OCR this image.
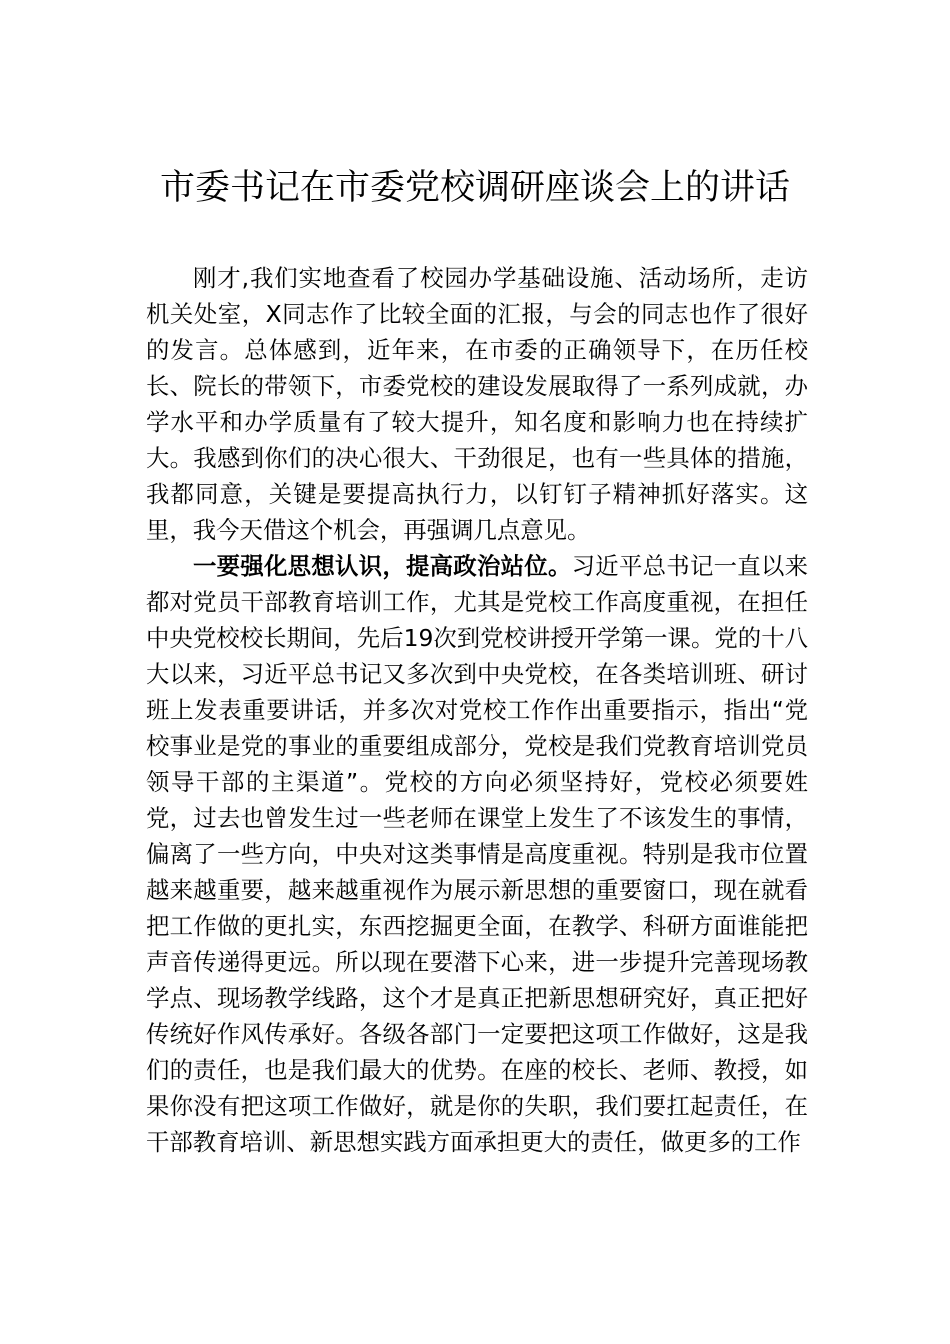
市委书记在市委党校调研座谈会上的讲话

刚才,我们实地查看了校园办学基础设施、活动场所，走访机关处室，X同志作了比较全面的汇报，与会的同志也作了很好的发言。总体感到，近年来，在市委的正确领导下，在历任校长、院长的带领下，市委党校的建设发展取得了一系列成就，办学水平和办学质量有了较大提升，知名度和影响力也在持续扩大。我感到你们的决心很大、干劲很足，也有一些具体的措施，我都同意，关键是要提高执行力，以钉钉子精神抓好落实。这里，我今天借这个机会，再强调几点意见。

一要强化思想认识，提高政治站位。习近平总书记一直以来都对党员干部教育培训工作，尤其是党校工作高度重视，在担任中央党校校长期间，先后19次到党校讲授开学第一课。党的十八大以来，习近平总书记又多次到中央党校，在各类培训班、研讨班上发表重要讲话，并多次对党校工作作出重要指示，指出“党校事业是党的事业的重要组成部分，党校是我们党教育培训党员领导干部的主渠道”。党校的方向必须坚持好，党校必须要姓党，过去也曾发生过一些老师在课堂上发生了不该发生的事情，偏离了一些方向，中央对这类事情是高度重视。特别是我市位置越来越重要，越来越重视作为展示新思想的重要窗口，现在就看把工作做的更扎实，东西挖掘更全面，在教学、科研方面谁能把声音传递得更远。所以现在要潜下心来，进一步提升完善现场教学点、现场教学线路，这个才是真正把新思想研究好，真正把好传统好作风传承好。各级各部门一定要把这项工作做好，这是我们的责任，也是我们最大的优势。在座的校长、老师、教授，如果你没有把这项工作做好，就是你的失职，我们要扛起责任，在干部教育培训、新思想实践方面承担更大的责任，做更多的工作
